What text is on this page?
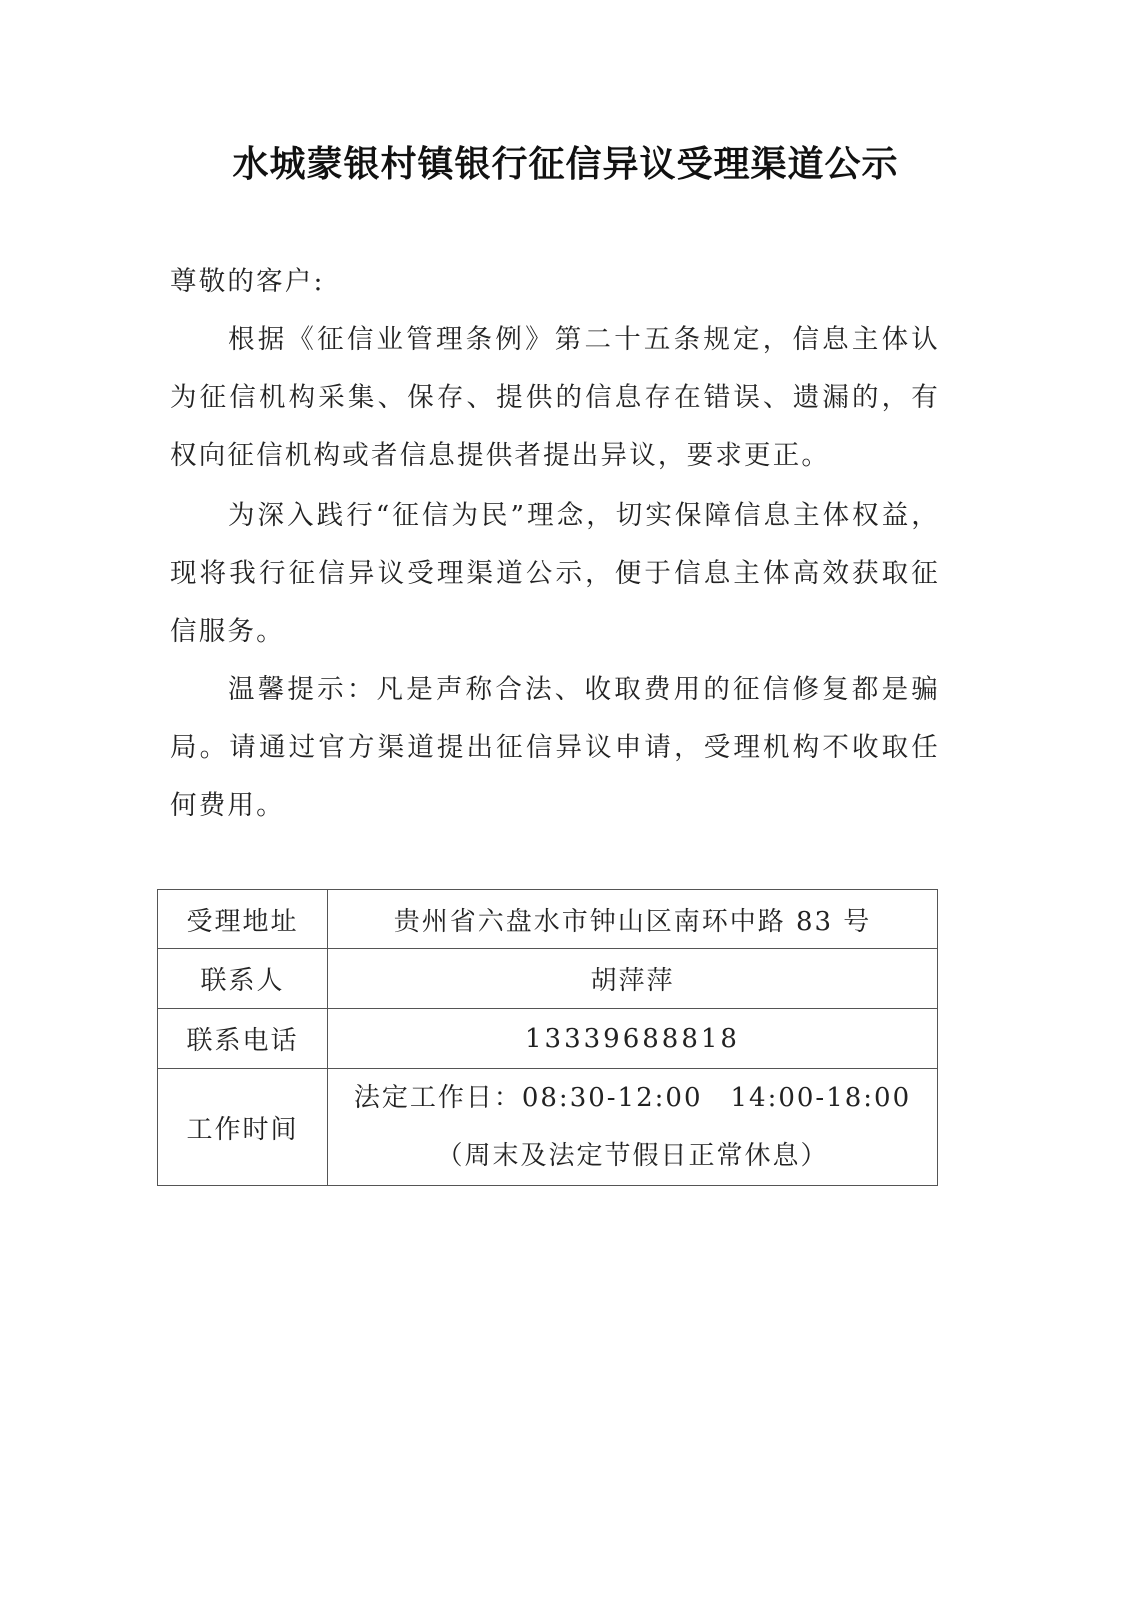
水城蒙银村镇银行征信异议受理渠道公示
尊敬的客户:

根据《征信业管理条例》第二十五条规定，信息主体认为征信机构采集、保存、提供的信息存在错误、遗漏的，有权向征信机构或者信息提供者提出异议，要求更正。

为深入践行“征信为民”理念，切实保障信息主体权益，现将我行征信异议受理渠道公示，便于信息主体高效获取征信服务。

温馨提示：凡是声称合法、收取费用的征信修复都是骗局。请通过官方渠道提出征信异议申请，受理机构不收取任何费用。

受理地址	贵州省六盘水市钟山区南环中路 83 号
联系人	胡萍萍
联系电话	13339688818
工作时间	法定工作日：08:30-12:00　14:00-18:00
（周末及法定节假日正常休息）
